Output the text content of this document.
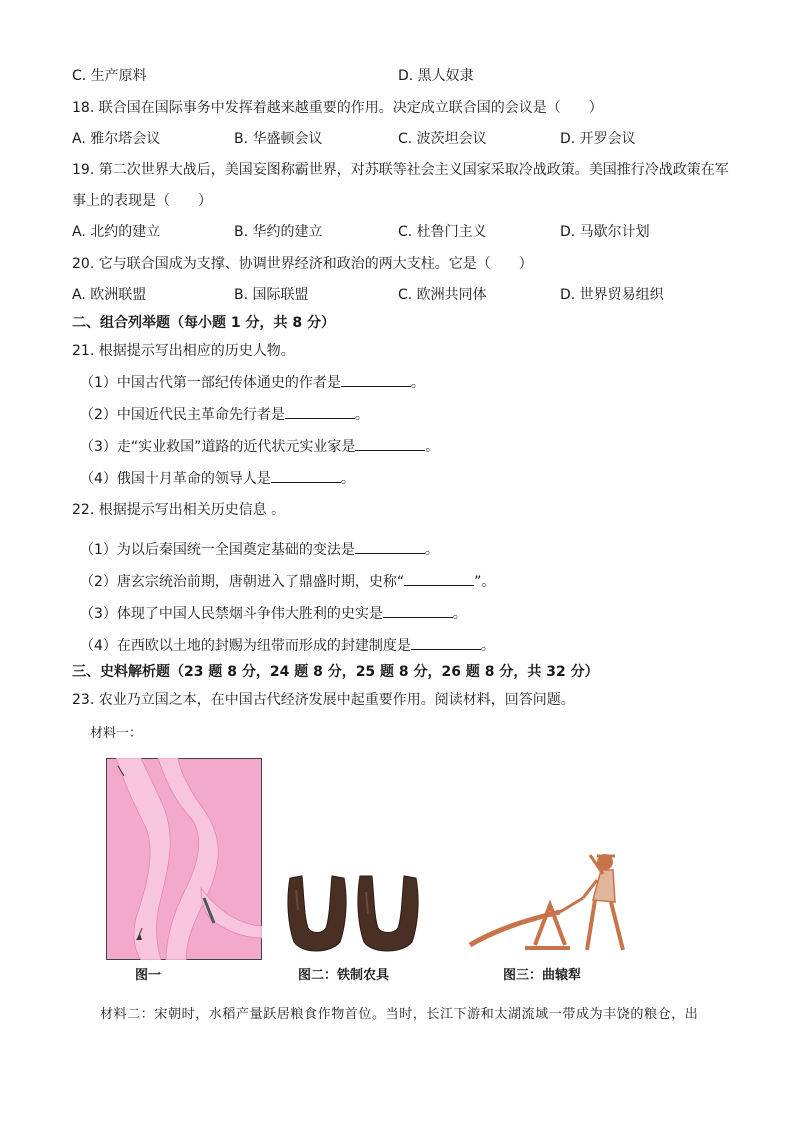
C. 生产原料	D. 黑人奴隶
18. 联合国在国际事务中发挥着越来越重要的作用。决定成立联合国的会议是（　　）
A. 雅尔塔会议	B. 华盛顿会议	C. 波茨坦会议	D. 开罗会议
19. 第二次世界大战后，美国妄图称霸世界，对苏联等社会主义国家采取冷战政策。美国推行冷战政策在军
事上的表现是（　　）
A. 北约的建立	B. 华约的建立	C. 杜鲁门主义	D. 马歇尔计划
20. 它与联合国成为支撑、协调世界经济和政治的两大支柱。它是（　　）
A. 欧洲联盟	B. 国际联盟	C. 欧洲共同体	D. 世界贸易组织
二、组合列举题（每小题 1 分，共 8 分）
21. 根据提示写出相应的历史人物。
（1）中国古代第一部纪传体通史的作者是	。
（2）中国近代民主革命先行者是	。
（3）走“实业救国”道路的近代状元实业家是	。
（4）俄国十月革命的领导人是	。
22. 根据提示写出相关历史信息 。
（1）为以后秦国统一全国奠定基础的变法是	。
（2）唐玄宗统治前期，唐朝进入了鼎盛时期，史称“	”。
（3）体现了中国人民禁烟斗争伟大胜利的史实是	。
（4）在西欧以土地的封赐为纽带而形成的封建制度是	。
三、史料解析题（23 题 8 分，24 题 8 分，25 题 8 分，26 题 8 分，共 32 分）
23. 农业乃立国之本，在中国古代经济发展中起重要作用。阅读材料，回答问题。
材料一：
图一	图二：铁制农具	图三：曲辕犁
材料二：宋朝时，水稻产量跃居粮食作物首位。当时，长江下游和太湖流域一带成为丰饶的粮仓，出
